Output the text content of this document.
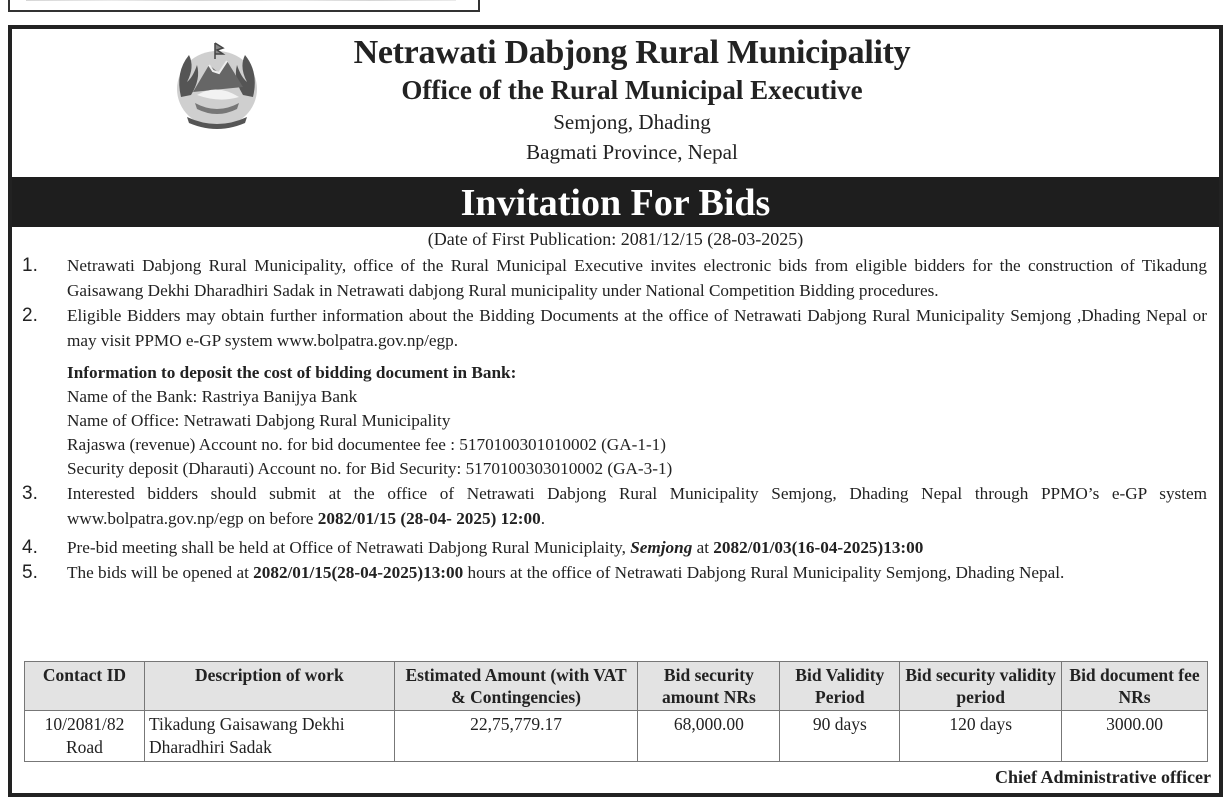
Netrawati Dabjong Rural Municipality
Office of the Rural Municipal Executive
Semjong, Dhading
Bagmati Province, Nepal
Invitation For Bids
(Date of First Publication: 2081/12/15 (28-03-2025)
1. Netrawati Dabjong Rural Municipality, office of the Rural Municipal Executive invites electronic bids from eligible bidders for the construction of Tikadung Gaisawang Dekhi Dharadhiri Sadak in Netrawati dabjong Rural municipality under National Competition Bidding procedures.
2. Eligible Bidders may obtain further information about the Bidding Documents at the office of Netrawati Dabjong Rural Municipality Semjong ,Dhading Nepal or may visit PPMO e-GP system www.bolpatra.gov.np/egp.
Information to deposit the cost of bidding document in Bank:
Name of the Bank: Rastriya Banijya Bank
Name of Office: Netrawati Dabjong Rural Municipality
Rajaswa (revenue) Account no. for bid documentee fee : 5170100301010002 (GA-1-1)
Security deposit (Dharauti) Account no. for Bid Security: 5170100303010002 (GA-3-1)
3. Interested bidders should submit at the office of Netrawati Dabjong Rural Municipality Semjong, Dhading Nepal through PPMO’s e-GP system www.bolpatra.gov.np/egp on before 2082/01/15 (28-04- 2025) 12:00.
4. Pre-bid meeting shall be held at Office of Netrawati Dabjong Rural Municiplaity, Semjong at 2082/01/03(16-04-2025)13:00
5. The bids will be opened at 2082/01/15(28-04-2025)13:00 hours at the office of Netrawati Dabjong Rural Municipality Semjong, Dhading Nepal.
Contact ID	Description of work	Estimated Amount (with VAT & Contingencies)	Bid security amount NRs	Bid Validity Period	Bid security validity period	Bid document fee NRs
10/2081/82 Road	Tikadung Gaisawang Dekhi Dharadhiri Sadak	22,75,779.17	68,000.00	90 days	120 days	3000.00
Chief Administrative officer
